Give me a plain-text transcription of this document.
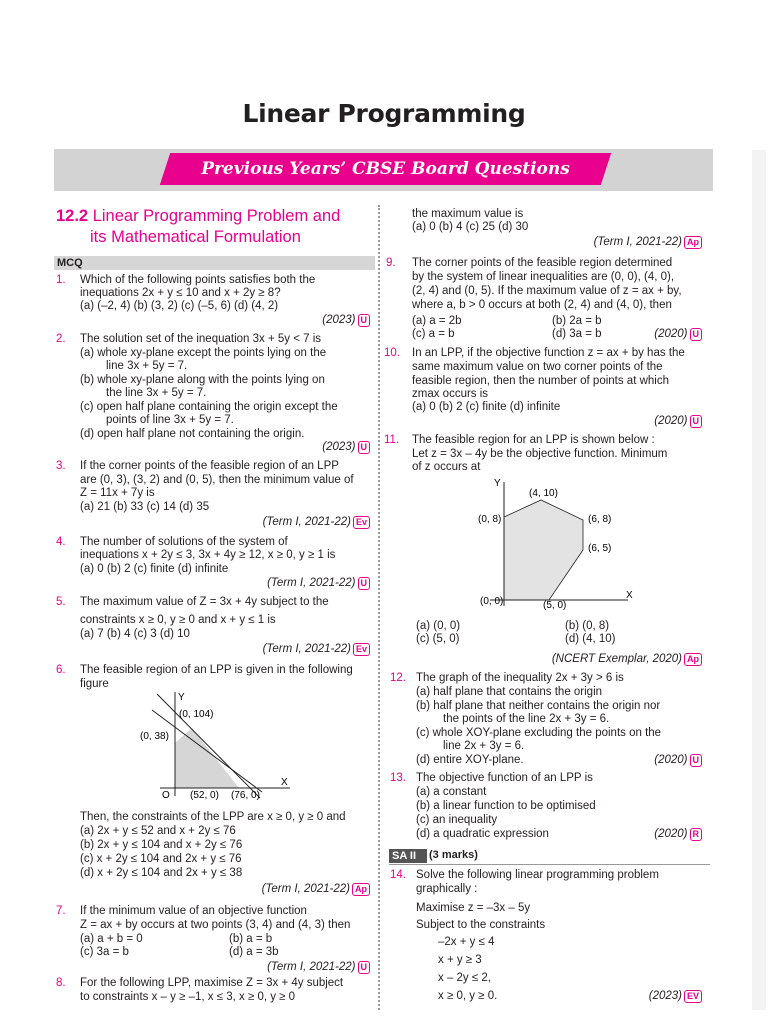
Linear Programming
Previous Years’ CBSE Board Questions
12.2 Linear Programming Problem and
its Mathematical Formulation
MCQ
1. Which of the following points satisfies both the
inequations 2x + y ≤ 10 and x + 2y ≥ 8?
(a) (–2, 4) (b) (3, 2) (c) (–5, 6) (d) (4, 2)
(2023) U
2. The solution set of the inequation 3x + 5y < 7 is
(a) whole xy-plane except the points lying on the
line 3x + 5y = 7.
(b) whole xy-plane along with the points lying on
the line 3x + 5y = 7.
(c) open half plane containing the origin except the
points of line 3x + 5y = 7.
(d) open half plane not containing the origin.
(2023) U
3. If the corner points of the feasible region of an LPP
are (0, 3), (3, 2) and (0, 5), then the minimum value of
Z = 11x + 7y is
(a) 21 (b) 33 (c) 14 (d) 35
(Term I, 2021-22) Ev
4. The number of solutions of the system of
inequations x + 2y ≤ 3, 3x + 4y ≥ 12, x ≥ 0, y ≥ 1 is
(a) 0 (b) 2 (c) finite (d) infinite
(Term I, 2021-22) U
5. The maximum value of Z = 3x + 4y subject to the
constraints x ≥ 0, y ≥ 0 and x + y ≤ 1 is
(a) 7 (b) 4 (c) 3 (d) 10
(Term I, 2021-22) Ev
6. The feasible region of an LPP is given in the following
figure
Y
X
(0, 104)
(0, 38)
O (52, 0) (76, 0)
Then, the constraints of the LPP are x ≥ 0, y ≥ 0 and
(a) 2x + y ≤ 52 and x + 2y ≤ 76
(b) 2x + y ≤ 104 and x + 2y ≤ 76
(c) x + 2y ≤ 104 and 2x + y ≤ 76
(d) x + 2y ≤ 104 and 2x + y ≤ 38
(Term I, 2021-22) Ap
7. If the minimum value of an objective function
Z = ax + by occurs at two points (3, 4) and (4, 3) then
(a) a + b = 0	(b) a = b
(c) 3a = b	(d) a = 3b
(Term I, 2021-22) U
8. For the following LPP, maximise Z = 3x + 4y subject
to constraints x – y ≥ –1, x ≤ 3, x ≥ 0, y ≥ 0
the maximum value is
(a) 0 (b) 4 (c) 25 (d) 30
(Term I, 2021-22) Ap
9. The corner points of the feasible region determined
by the system of linear inequalities are (0, 0), (4, 0),
(2, 4) and (0, 5). If the maximum value of z = ax + by,
where a, b > 0 occurs at both (2, 4) and (4, 0), then
(a) a = 2b	(b) 2a = b
(c) a = b	(d) 3a = b	(2020) U
10. In an LPP, if the objective function z = ax + by has the
same maximum value on two corner points of the
feasible region, then the number of points at which
zmax occurs is
(a) 0 (b) 2 (c) finite (d) infinite
(2020) U
11. The feasible region for an LPP is shown below :
Let z = 3x – 4y be the objective function. Minimum
of z occurs at
Y
X
(4, 10)
(0, 8)	(6, 8)
(6, 5)
(0, 0)	(5, 0)
(a) (0, 0)	(b) (0, 8)
(c) (5, 0)	(d) (4, 10)
(NCERT Exemplar, 2020) Ap
12. The graph of the inequality 2x + 3y > 6 is
(a) half plane that contains the origin
(b) half plane that neither contains the origin nor
the points of the line 2x + 3y = 6.
(c) whole XOY-plane excluding the points on the
line 2x + 3y = 6.
(d) entire XOY-plane.	(2020) U
13. The objective function of an LPP is
(a) a constant
(b) a linear function to be optimised
(c) an inequality
(d) a quadratic expression	(2020) R
SA II	(3 marks)
14. Solve the following linear programming problem
graphically :
Maximise z = –3x – 5y
Subject to the constraints
–2x + y ≤ 4
x + y ≥ 3
x – 2y ≤ 2,
x ≥ 0, y ≥ 0.	(2023) EV
